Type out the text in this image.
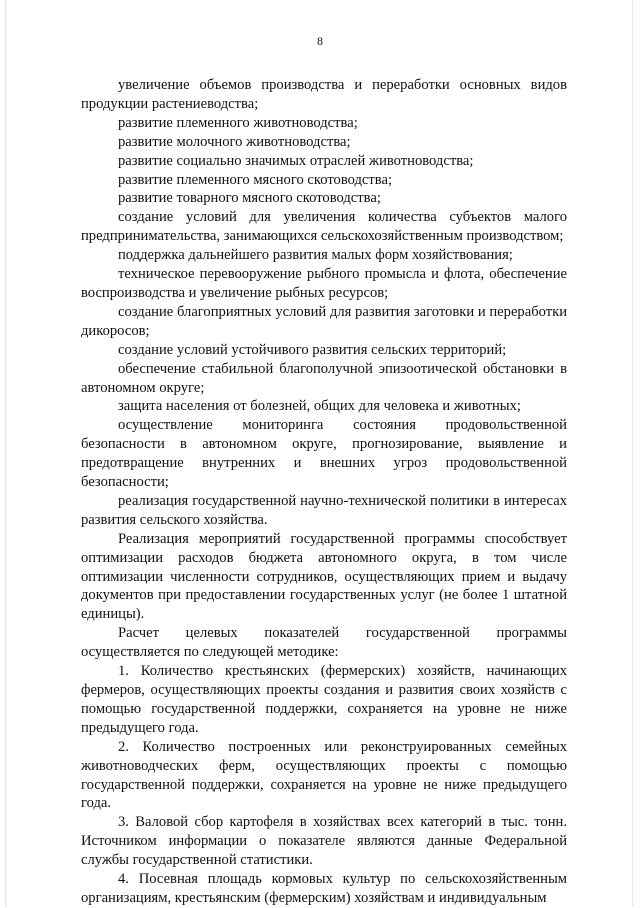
8

увеличение объемов производства и переработки основных видов продукции растениеводства;

развитие племенного животноводства;

развитие молочного животноводства;

развитие социально значимых отраслей животноводства;

развитие племенного мясного скотоводства;

развитие товарного мясного скотоводства;

создание условий для увеличения количества субъектов малого предпринимательства, занимающихся сельскохозяйственным производством;

поддержка дальнейшего развития малых форм хозяйствования;

техническое перевооружение рыбного промысла и флота, обеспечение воспроизводства и увеличение рыбных ресурсов;

создание благоприятных условий для развития заготовки и переработки дикоросов;

создание условий устойчивого развития сельских территорий;

обеспечение стабильной благополучной эпизоотической обстановки в автономном округе;

защита населения от болезней, общих для человека и животных;

осуществление мониторинга состояния продовольственной безопасности в автономном округе, прогнозирование, выявление и предотвращение внутренних и внешних угроз продовольственной безопасности;

реализация государственной научно-технической политики в интересах развития сельского хозяйства.

Реализация мероприятий государственной программы способствует оптимизации расходов бюджета автономного округа, в том числе оптимизации численности сотрудников, осуществляющих прием и выдачу документов при предоставлении государственных услуг (не более 1 штатной единицы).

Расчет целевых показателей государственной программы осуществляется по следующей методике:

1. Количество крестьянских (фермерских) хозяйств, начинающих фермеров, осуществляющих проекты создания и развития своих хозяйств с помощью государственной поддержки, сохраняется на уровне не ниже предыдущего года.

2. Количество построенных или реконструированных семейных животноводческих ферм, осуществляющих проекты с помощью государственной поддержки, сохраняется на уровне не ниже предыдущего года.

3. Валовой сбор картофеля в хозяйствах всех категорий в тыс. тонн. Источником информации о показателе являются данные Федеральной службы государственной статистики.

4. Посевная площадь кормовых культур по сельскохозяйственным организациям, крестьянским (фермерским) хозяйствам и индивидуальным
